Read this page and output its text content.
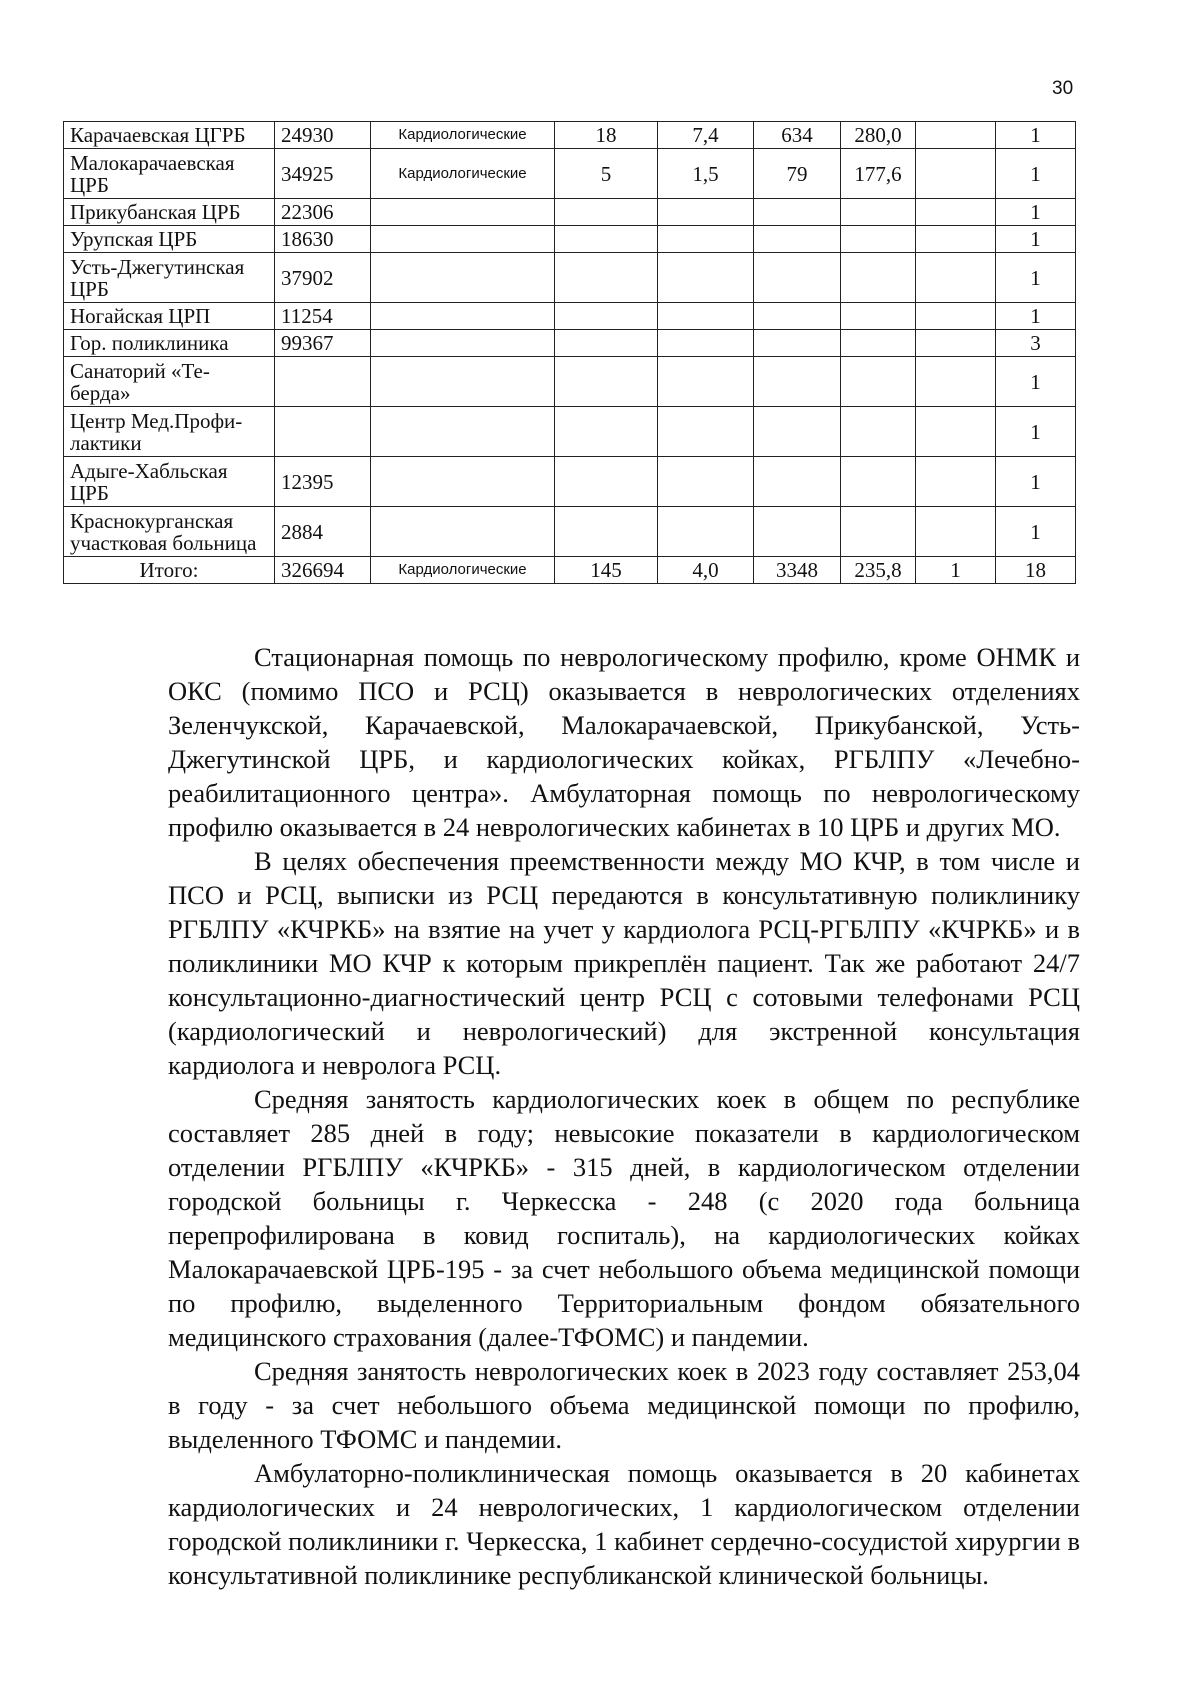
30
Карачаевская ЦГРБ	24930	Кардиологические	18	7,4	634	280,0		1
Малокарачаевская ЦРБ	34925	Кардиологические	5	1,5	79	177,6		1
Прикубанская ЦРБ	22306							1
Урупская ЦРБ	18630							1
Усть-Джегутинская ЦРБ	37902							1
Ногайская ЦРП	11254							1
Гор. поликлиника	99367							3
Санаторий «Те-берда»								1
Центр Мед.Профи-лактики								1
Адыге-Хабльская ЦРБ	12395							1
Краснокурганская участковая больница	2884							1
Итого:	326694	Кардиологические	145	4,0	3348	235,8	1	18

Стационарная помощь по неврологическому профилю, кроме ОНМК и ОКС (помимо ПСО и РСЦ) оказывается в неврологических отделениях Зеленчукской, Карачаевской, Малокарачаевской, Прикубанской, Усть-Джегутинской ЦРБ, и кардиологических койках, РГБЛПУ «Лечебно-реабилитационного центра». Амбулаторная помощь по неврологическому профилю оказывается в 24 неврологических кабинетах в 10 ЦРБ и других МО.

В целях обеспечения преемственности между МО КЧР, в том числе и ПСО и РСЦ, выписки из РСЦ передаются в консультативную поликлинику РГБЛПУ «КЧРКБ» на взятие на учет у кардиолога РСЦ-РГБЛПУ «КЧРКБ» и в поликлиники МО КЧР к которым прикреплён пациент. Так же работают 24/7 консультационно-диагностический центр РСЦ с сотовыми телефонами РСЦ (кардиологический и неврологический) для экстренной консультация кардиолога и невролога РСЦ.

Средняя занятость кардиологических коек в общем по республике составляет 285 дней в году; невысокие показатели в кардиологическом отделении РГБЛПУ «КЧРКБ» - 315 дней, в кардиологическом отделении городской больницы г. Черкесска - 248 (с 2020 года больница перепрофилирована в ковид госпиталь), на кардиологических койках Малокарачаевской ЦРБ-195 - за счет небольшого объема медицинской помощи по профилю, выделенного Территориальным фондом обязательного медицинского страхования (далее-ТФОМС) и пандемии.

Средняя занятость неврологических коек в 2023 году составляет 253,04 в году - за счет небольшого объема медицинской помощи по профилю, выделенного ТФОМС и пандемии.

Амбулаторно-поликлиническая помощь оказывается в 20 кабинетах кардиологических и 24 неврологических, 1 кардиологическом отделении городской поликлиники г. Черкесска, 1 кабинет сердечно-сосудистой хирургии в консультативной поликлинике республиканской клинической больницы.
